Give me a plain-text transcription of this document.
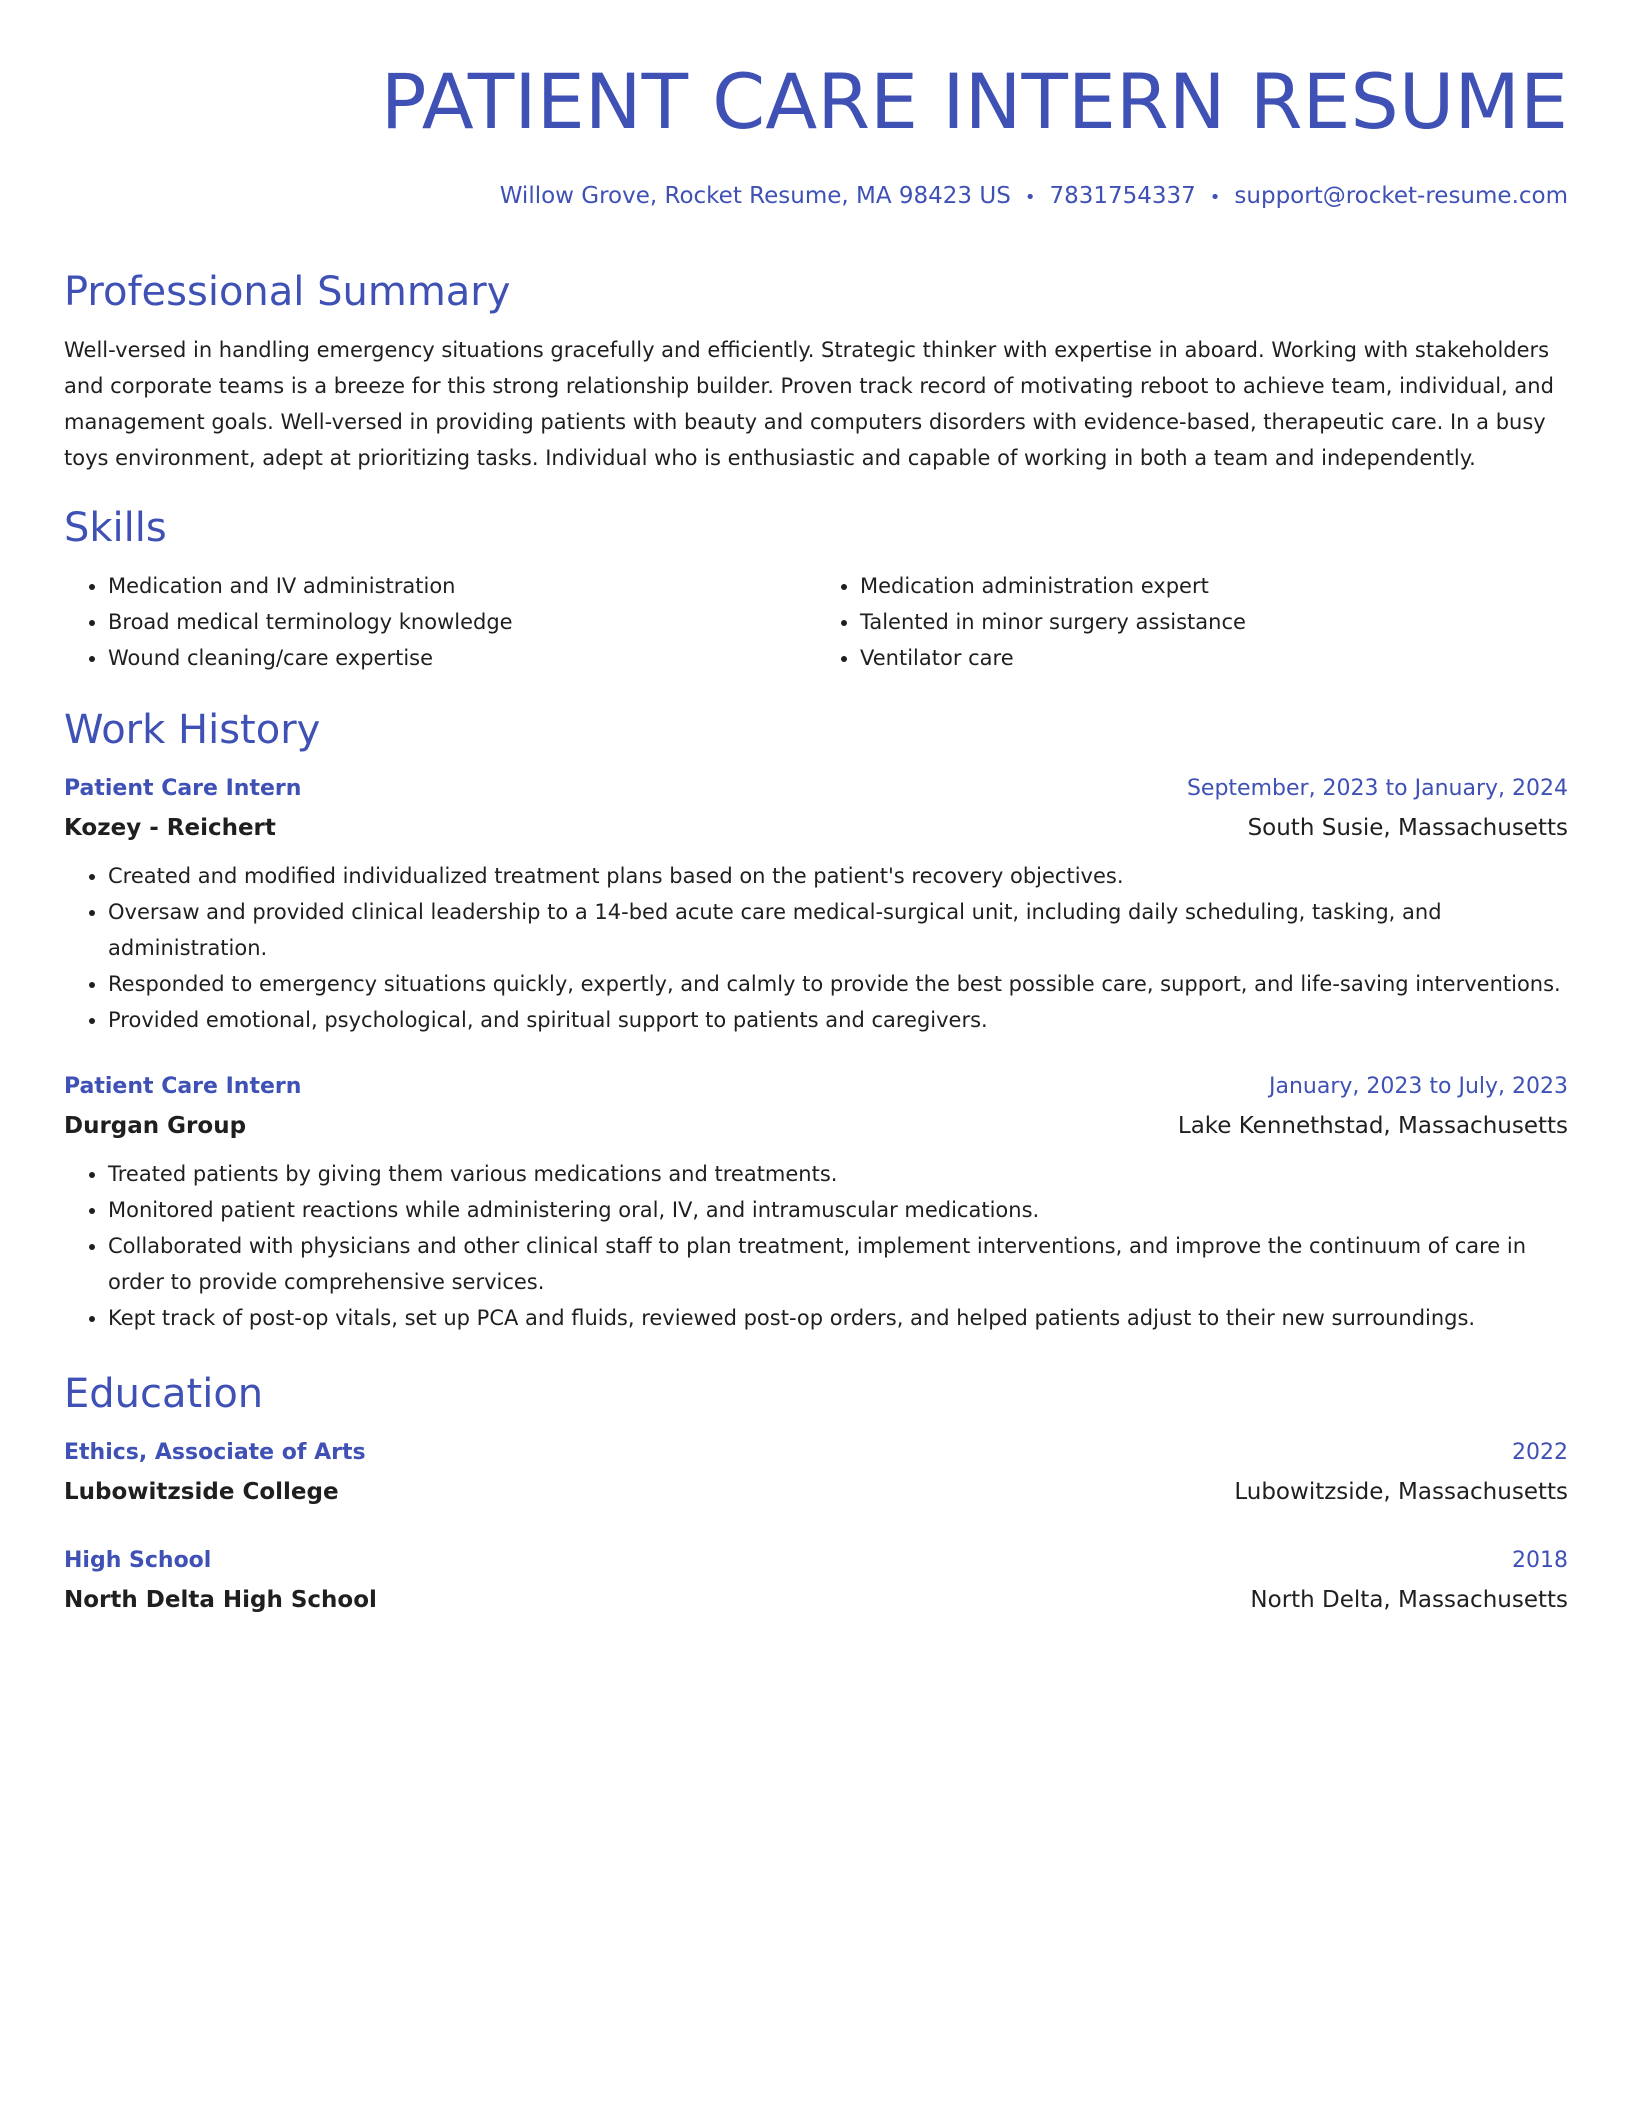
PATIENT CARE INTERN RESUME
Willow Grove, Rocket Resume, MA 98423 US • 7831754337 • support@rocket-resume.com
Professional Summary

Well-versed in handling emergency situations gracefully and efficiently. Strategic thinker with expertise in aboard. Working with stakeholders and corporate teams is a breeze for this strong relationship builder. Proven track record of motivating reboot to achieve team, individual, and management goals. Well-versed in providing patients with beauty and computers disorders with evidence-based, therapeutic care. In a busy toys environment, adept at prioritizing tasks. Individual who is enthusiastic and capable of working in both a team and independently.

Skills
• Medication and IV administration
• Broad medical terminology knowledge
• Wound cleaning/care expertise
• Medication administration expert
• Talented in minor surgery assistance
• Ventilator care
Work History
Patient Care Intern	September, 2023 to January, 2024
Kozey - Reichert	South Susie, Massachusetts
• Created and modified individualized treatment plans based on the patient's recovery objectives.
• Oversaw and provided clinical leadership to a 14-bed acute care medical-surgical unit, including daily scheduling, tasking, and administration.
• Responded to emergency situations quickly, expertly, and calmly to provide the best possible care, support, and life-saving interventions.
• Provided emotional, psychological, and spiritual support to patients and caregivers.
Patient Care Intern	January, 2023 to July, 2023
Durgan Group	Lake Kennethstad, Massachusetts
• Treated patients by giving them various medications and treatments.
• Monitored patient reactions while administering oral, IV, and intramuscular medications.
• Collaborated with physicians and other clinical staff to plan treatment, implement interventions, and improve the continuum of care in order to provide comprehensive services.
• Kept track of post-op vitals, set up PCA and fluids, reviewed post-op orders, and helped patients adjust to their new surroundings.
Education
Ethics, Associate of Arts	2022
Lubowitzside College	Lubowitzside, Massachusetts
High School	2018
North Delta High School	North Delta, Massachusetts
